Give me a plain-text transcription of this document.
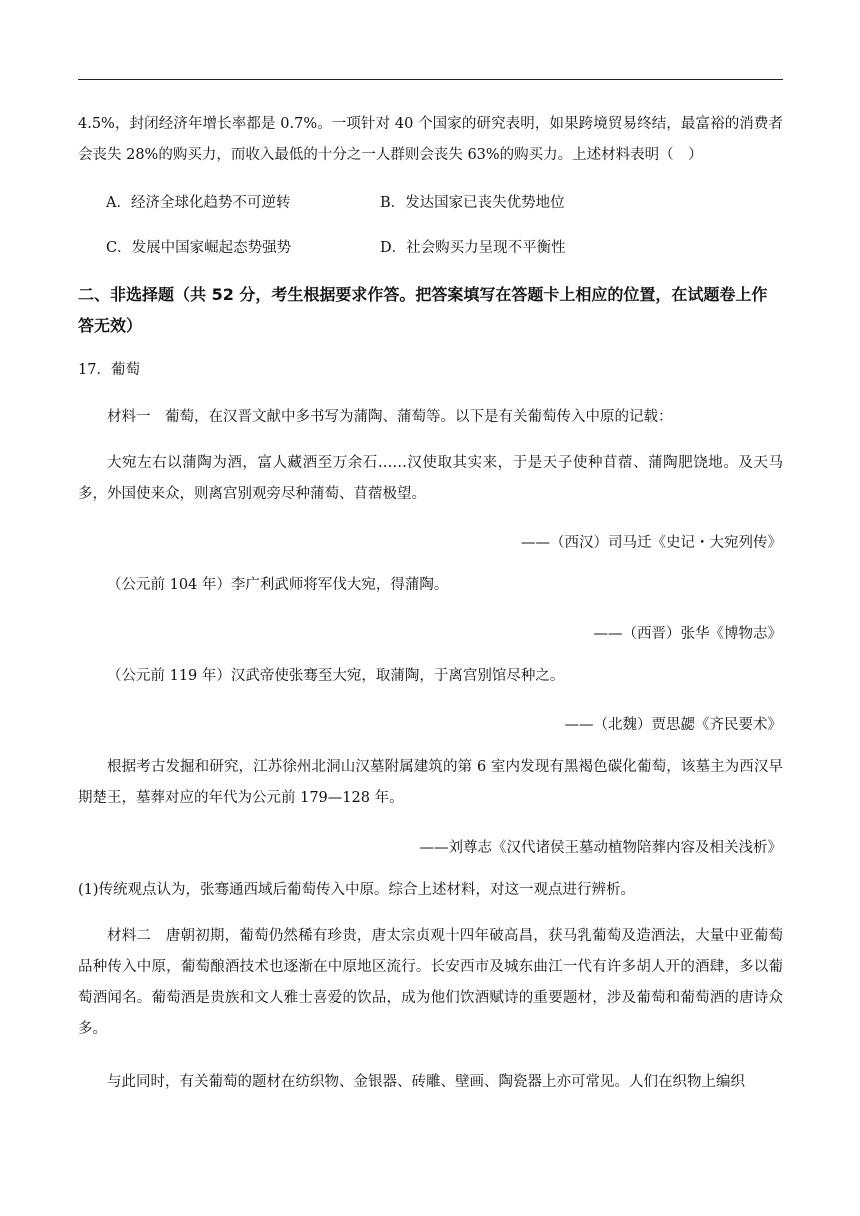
4.5%，封闭经济年增长率都是 0.7%。一项针对 40 个国家的研究表明，如果跨境贸易终结，最富裕的消费者会丧失 28%的购买力，而收入最低的十分之一人群则会丧失 63%的购买力。上述材料表明（　）
A．经济全球化趋势不可逆转	B．发达国家已丧失优势地位
C．发展中国家崛起态势强势	D．社会购买力呈现不平衡性
二、非选择题（共 52 分，考生根据要求作答。把答案填写在答题卡上相应的位置，在试题卷上作答无效）
17．葡萄
材料一　葡萄，在汉晋文献中多书写为蒲陶、蒲萄等。以下是有关葡萄传入中原的记载：
大宛左右以蒲陶为酒，富人藏酒至万余石……汉使取其实来，于是天子使种苜蓿、蒲陶肥饶地。及天马多，外国使来众，则离宫别观旁尽种蒲萄、苜蓿极望。
——（西汉）司马迁《史记・大宛列传》
（公元前 104 年）李广利武师将军伐大宛，得蒲陶。
——（西晋）张华《博物志》
（公元前 119 年）汉武帝使张骞至大宛，取蒲陶，于离宫别馆尽种之。
——（北魏）贾思勰《齐民要术》
根据考古发掘和研究，江苏徐州北洞山汉墓附属建筑的第 6 室内发现有黑褐色碳化葡萄，该墓主为西汉早期楚王，墓葬对应的年代为公元前 179—128 年。
——刘尊志《汉代诸侯王墓动植物陪葬内容及相关浅析》
(1)传统观点认为，张骞通西域后葡萄传入中原。综合上述材料，对这一观点进行辨析。
材料二　唐朝初期，葡萄仍然稀有珍贵，唐太宗贞观十四年破高昌，获马乳葡萄及造酒法，大量中亚葡萄品种传入中原，葡萄酿酒技术也逐渐在中原地区流行。长安西市及城东曲江一代有许多胡人开的酒肆，多以葡萄酒闻名。葡萄酒是贵族和文人雅士喜爱的饮品，成为他们饮酒赋诗的重要题材，涉及葡萄和葡萄酒的唐诗众多。
与此同时，有关葡萄的题材在纺织物、金银器、砖雕、壁画、陶瓷器上亦可常见。人们在织物上编织
